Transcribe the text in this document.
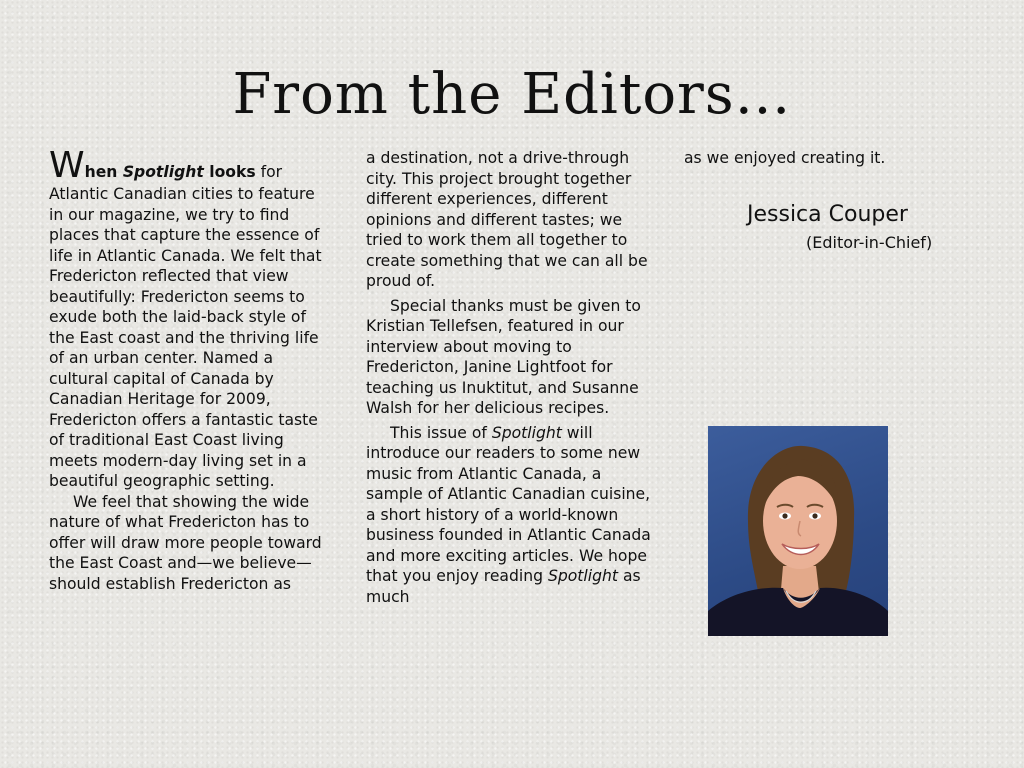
From the Editors…

When Spotlight looks for Atlantic Canadian cities to feature in our magazine, we try to find places that capture the essence of life in Atlantic Canada. We felt that Fredericton reflected that view beautifully: Fredericton seems to exude both the laid-back style of the East coast and the thriving life of an urban center. Named a cultural capital of Canada by Canadian Heritage for 2009, Fredericton offers a fantastic taste of traditional East Coast living meets modern-day living set in a beautiful geographic setting.

We feel that showing the wide nature of what Fredericton has to offer will draw more people toward the East Coast and—we believe—should establish Fredericton as

a destination, not a drive-through city. This project brought together different experiences, different opinions and different tastes; we tried to work them all together to create something that we can all be proud of.

Special thanks must be given to Kristian Tellefsen, featured in our interview about moving to Fredericton, Janine Lightfoot for teaching us Inuktitut, and Susanne Walsh for her delicious recipes.

This issue of Spotlight will introduce our readers to some new music from Atlantic Canada, a sample of Atlantic Canadian cuisine, a short history of a world-known business founded in Atlantic Canada and more exciting articles. We hope that you enjoy reading Spotlight as much

as we enjoyed creating it.
Jessica Couper
(Editor-in-Chief)
